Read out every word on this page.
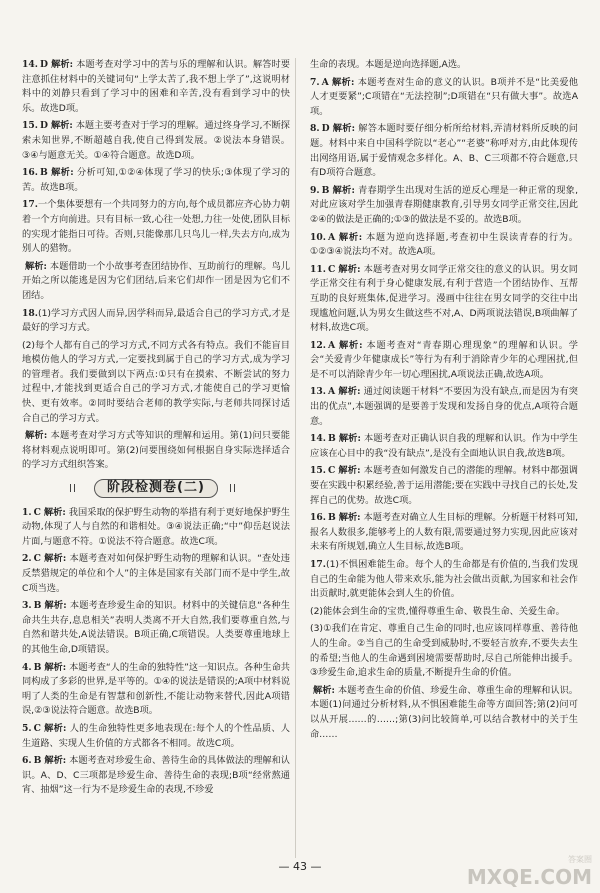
14. D 解析: 本题考查对学习中的苦与乐的理解和认识。解答时要注意抓住材料中的关键词句“上学太苦了,我不想上学了”,这说明材料中的刘静只看到了学习中的困难和辛苦,没有看到学习中的快乐。故选D项。
15. D 解析: 本题主要考查对于学习的理解。通过终身学习,不断探索未知世界,不断超越自我,使自己得到发展。②说法本身错误。③④与题意无关。①④符合题意。故选D项。
16. B 解析: 分析可知,①②④体现了学习的快乐;③体现了学习的苦。故选B项。
17.一个集体要想有一个共同努力的方向,每个成员都应齐心协力朝着一个方向前进。只有目标一致,心往一处想,力往一处使,团队目标的实现才能指日可待。否则,只能像那几只鸟儿一样,失去方向,成为别人的猎物。
解析: 本题借助一个小故事考查团结协作、互助前行的理解。鸟儿开始之所以能逃是因为它们团结,后来它们却作一团是因为它们不团结。
18.(1)学习方式因人而异,因学科而异,最适合自己的学习方式,才是最好的学习方式。
(2)每个人都有自己的学习方式,不同方式各有特点。我们不能盲目地模仿他人的学习方式,一定要找到属于自己的学习方式,成为学习的管理者。我们要做到以下两点:①只有在摸索、不断尝试的努力过程中,才能找到更适合自己的学习方式,才能使自己的学习更愉快、更有效率。②同时要结合老师的教学实际,与老师共同探讨适合自己的学习方式。
解析: 本题考查对学习方式等知识的理解和运用。第(1)问只要能将材料观点说明即可。第(2)问要围绕如何根据自身实际选择适合的学习方式组织答案。
阶段检测卷(二)
1. C 解析: 我国采取的保护野生动物的举措有利于更好地保护野生动物,体现了人与自然的和谐相处。③④说法正确;“中”仰岳赵说法片面,与题意不符。①说法不符合题意。故选C项。
2. C 解析: 本题考查对如何保护野生动物的理解和认识。“查处违反禁猎规定的单位和个人”的主体是国家有关部门而不是中学生,故C项当选。
3. B 解析: 本题考查珍爱生命的知识。材料中的关键信息“各种生命共生共存,息息相关”表明人类离不开大自然,我们要尊重自然,与自然和谐共处,A说法错误。B项正确,C项错误。人类要尊重地球上的其他生命,D项错误。
4. B 解析: 本题考查“人的生命的独特性”这一知识点。各种生命共同构成了多彩的世界,是平等的。①④的说法是错误的;A项中材料说明了人类的生命是有智慧和创新性,不能让动物来替代,因此A项错误,②③说法符合题意。故选B项。
5. C 解析: 人的生命独特性更多地表现在:每个人的个性品质、人生道路、实现人生价值的方式都各不相同。故选C项。
6. B 解析: 本题考查对珍爱生命、善待生命的具体做法的理解和认识。A、D、C三项都是珍爱生命、善待生命的表现;B项“经常熬通宵、抽烟”这一行为不是珍爱生命的表现,不珍爱
生命的表现。本题是逆向选择题,A选。
7. A 解析: 本题考查对生命的意义的认识。B项并不是“比美爱他人才更要紧”;C项错在“无法控制”;D项错在“只有做大事”。故选A项。
8. D 解析: 解答本题时要仔细分析所给材料,弄清材料所反映的问题。材料中来自中国科学院以“老心”“老婆”称呼对方,由此体现传出网络用语,属于爱情观念多样化。A、B、C三项都不符合题意,只有D项符合题意。
9. B 解析: 青春期学生出现对生活的逆反心理是一种正常的现象,对此应该对学生加强青春期健康教育,引导男女同学正常交往,因此②④的做法是正确的;①③的做法是不妥的。故选B项。
10. A 解析: 本题为逆向选择题,考查初中生误读青春的行为。①②③④说法均不对。故选A项。
11. C 解析: 本题考查对男女同学正常交往的意义的认识。男女同学正常交往有利于身心健康发展,有利于营造一个团结协作、互帮互助的良好班集体,促进学习。漫画中往往在男女同学的交往中出现尴尬问题,认为男女生做这些不对,A、D两项说法错误,B项曲解了材料,故选C项。
12. A 解析: 本题考查对“青春期心理现象”的理解和认识。学会“关爱青少年健康成长”等行为有利于消除青少年的心理困扰,但是不可以消除青少年一切心理困扰,A项说法正确,故选A项。
13. A 解析: 通过阅读题干材料“不要因为没有缺点,而是因为有突出的优点”,本题强调的是要善于发现和发扬自身的优点,A项符合题意。
14. B 解析: 本题考查对正确认识自我的理解和认识。作为中学生应该在心目中的我“没有缺点”,是没有全面地认识自我,故选B项。
15. C 解析: 本题考查如何激发自己的潜能的理解。材料中都强调要在实践中积累经验,善于运用潜能;要在实践中寻找自己的长处,发挥自己的优势。故选C项。
16. B 解析: 本题考查对确立人生目标的理解。分析题干材料可知,报名人数很多,能够考上的人数有限,需要通过努力实现,因此应该对未来有所规划,确立人生目标,故选B项。
17.(1)不惧困难能生命。每个人的生命都是有价值的,当我们发现自己的生命能为他人带来欢乐,能为社会做出贡献,为国家和社会作出贡献时,就更能体会到人生的价值。
(2)能体会到生命的宝贵,懂得尊重生命、敬畏生命、关爱生命。
(3)①我们在肯定、尊重自己生命的同时,也应该同样尊重、善待他人的生命。②当自己的生命受到威胁时,不要轻言放弃,不要失去生的希望;当他人的生命遇到困境需要帮助时,尽自己所能伸出援手。③珍爱生命,追求生命的质量,不断提升生命的价值。
解析: 本题考查生命的价值、珍爱生命、尊重生命的理解和认识。本题(1)问通过分析材料,从不惧困难能生命等方面回答;第(2)问可以从开展……的……;第(3)问比较简单,可以结合教材中的关于生命……
— 43 —
答案圈
MXQE.COM
